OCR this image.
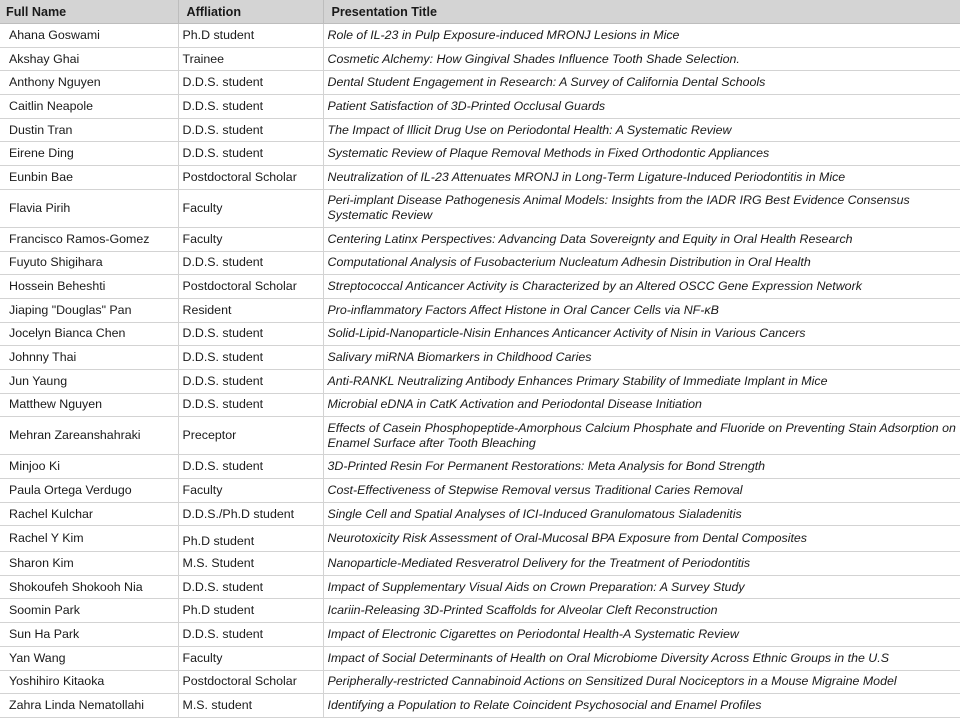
Full Name	Affliation	Presentation Title
Ahana Goswami	Ph.D student	Role of IL-23 in Pulp Exposure-induced MRONJ Lesions in Mice
Akshay Ghai	Trainee	Cosmetic Alchemy: How Gingival Shades Influence Tooth Shade Selection.
Anthony Nguyen	D.D.S. student	Dental Student Engagement in Research: A Survey of California Dental Schools
Caitlin Neapole	D.D.S. student	Patient Satisfaction of 3D-Printed Occlusal Guards
Dustin Tran	D.D.S. student	The Impact of Illicit Drug Use on Periodontal Health: A Systematic Review
Eirene Ding	D.D.S. student	Systematic Review of Plaque Removal Methods in Fixed Orthodontic Appliances
Eunbin Bae	Postdoctoral Scholar	Neutralization of IL-23 Attenuates MRONJ in Long-Term Ligature-Induced Periodontitis in Mice
Flavia Pirih	Faculty	Peri-implant Disease Pathogenesis Animal Models: Insights from the IADR IRG Best Evidence Consensus Systematic Review
Francisco Ramos-Gomez	Faculty	Centering Latinx Perspectives: Advancing Data Sovereignty and Equity in Oral Health Research
Fuyuto Shigihara	D.D.S. student	Computational Analysis of Fusobacterium Nucleatum Adhesin Distribution in Oral Health
Hossein Beheshti	Postdoctoral Scholar	Streptococcal Anticancer Activity is Characterized by an Altered OSCC Gene Expression Network
Jiaping "Douglas" Pan	Resident	Pro-inflammatory Factors Affect Histone in Oral Cancer Cells via NF-κB
Jocelyn Bianca Chen	D.D.S. student	Solid-Lipid-Nanoparticle-Nisin Enhances Anticancer Activity of Nisin in Various Cancers
Johnny Thai	D.D.S. student	Salivary miRNA Biomarkers in Childhood Caries
Jun Yaung	D.D.S. student	Anti-RANKL Neutralizing Antibody Enhances Primary Stability of Immediate Implant in Mice
Matthew Nguyen	D.D.S. student	Microbial eDNA in CatK Activation and Periodontal Disease Initiation
Mehran Zareanshahraki	Preceptor	Effects of Casein Phosphopeptide-Amorphous Calcium Phosphate and Fluoride on Preventing Stain Adsorption on Enamel Surface after Tooth Bleaching
Minjoo Ki	D.D.S. student	3D-Printed Resin For Permanent Restorations: Meta Analysis for Bond Strength
Paula Ortega Verdugo	Faculty	Cost-Effectiveness of Stepwise Removal versus Traditional Caries Removal
Rachel Kulchar	D.D.S./Ph.D student	Single Cell and Spatial Analyses of ICI-Induced Granulomatous Sialadenitis
Rachel Y Kim	Ph.D student	Neurotoxicity Risk Assessment of Oral-Mucosal BPA Exposure from Dental Composites
Sharon Kim	M.S. Student	Nanoparticle-Mediated Resveratrol Delivery for the Treatment of Periodontitis
Shokoufeh Shokooh Nia	D.D.S. student	Impact of Supplementary Visual Aids on Crown Preparation: A Survey Study
Soomin Park	Ph.D student	Icariin-Releasing 3D-Printed Scaffolds for Alveolar Cleft Reconstruction
Sun Ha Park	D.D.S. student	Impact of Electronic Cigarettes on Periodontal Health-A Systematic Review
Yan Wang	Faculty	Impact of Social Determinants of Health on Oral Microbiome Diversity Across Ethnic Groups in the U.S
Yoshihiro Kitaoka	Postdoctoral Scholar	Peripherally-restricted Cannabinoid Actions on Sensitized Dural Nociceptors in a Mouse Migraine Model
Zahra Linda Nematollahi	M.S. student	Identifying a Population to Relate Coincident Psychosocial and Enamel Profiles
